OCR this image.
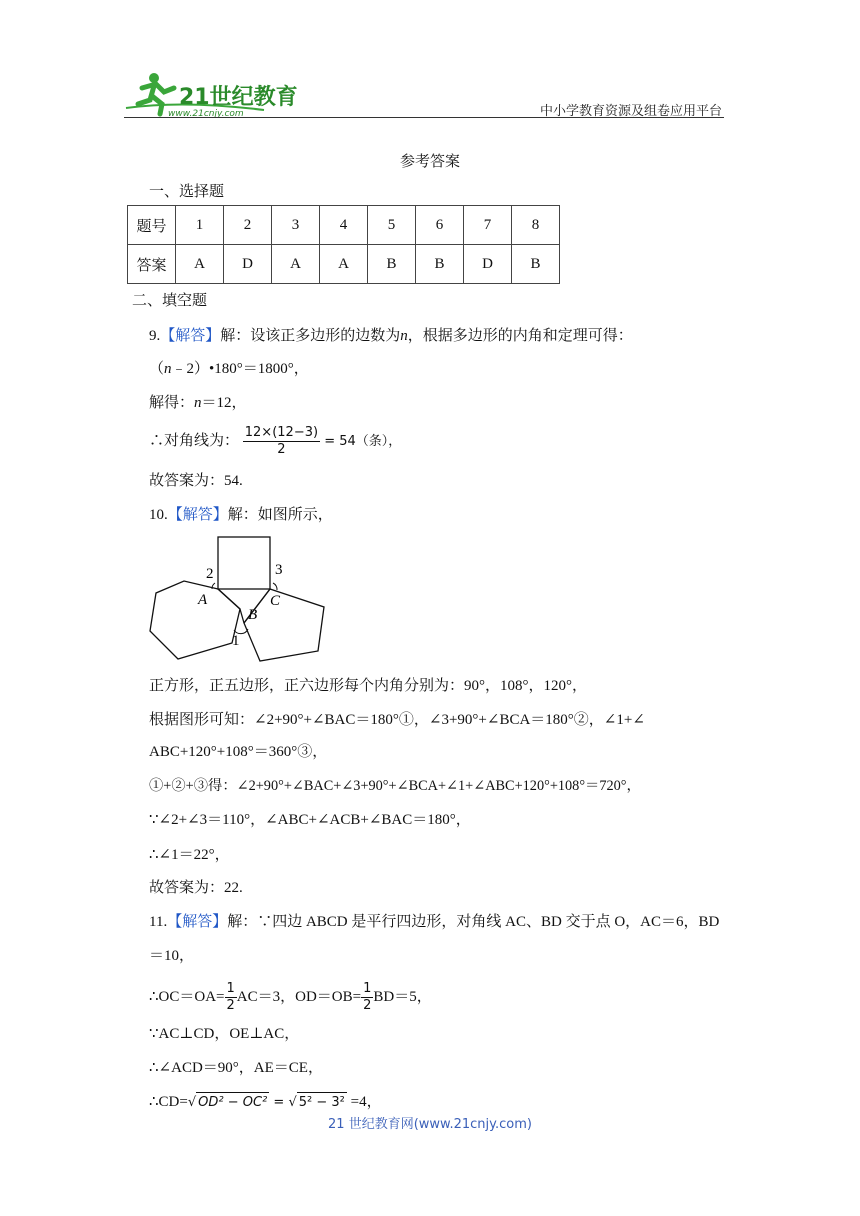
21世纪教育
www.21cnjy.com	中小学教育资源及组卷应用平台
参考答案
一、选择题
题号	1	2	3	4	5	6	7	8
答案	A	D	A	A	B	B	D	B
二、填空题
9.【解答】解：设该正多边形的边数为n，根据多边形的内角和定理可得：
（n﹣2）•180°＝1800°，
解得：n＝12，
∴对角线为： $\frac{12\times(12-3)}{2} = 54$（条），
故答案为：54.
10.【解答】解：如图所示，
2	3
A
B
C
1
正方形，正五边形，正六边形每个内角分别为：90°，108°，120°，
根据图形可知：∠2+90°+∠BAC＝180°①，∠3+90°+∠BCA＝180°②，∠1+∠
ABC+120°+108°＝360°③，
①+②+③得：∠2+90°+∠BAC+∠3+90°+∠BCA+∠1+∠ABC+120°+108°＝720°，
∵∠2+∠3＝110°，∠ABC+∠ACB+∠BAC＝180°，
∴∠1＝22°，
故答案为：22.
11.【解答】解：∵四边 ABCD 是平行四边形，对角线 AC、BD 交于点 O，AC＝6，BD
＝10，
∴OC＝OA= $\frac{1}{2} AC=3$，$OD=OB= \frac{1}{2} BD=5$，
∵AC⊥CD，OE⊥AC，
∴∠ACD＝90°，AE＝CE，
∴CD=√ OD² − OC² = √ 5² − 3² =4，
21 世纪教育网(www.21cnjy.com)
